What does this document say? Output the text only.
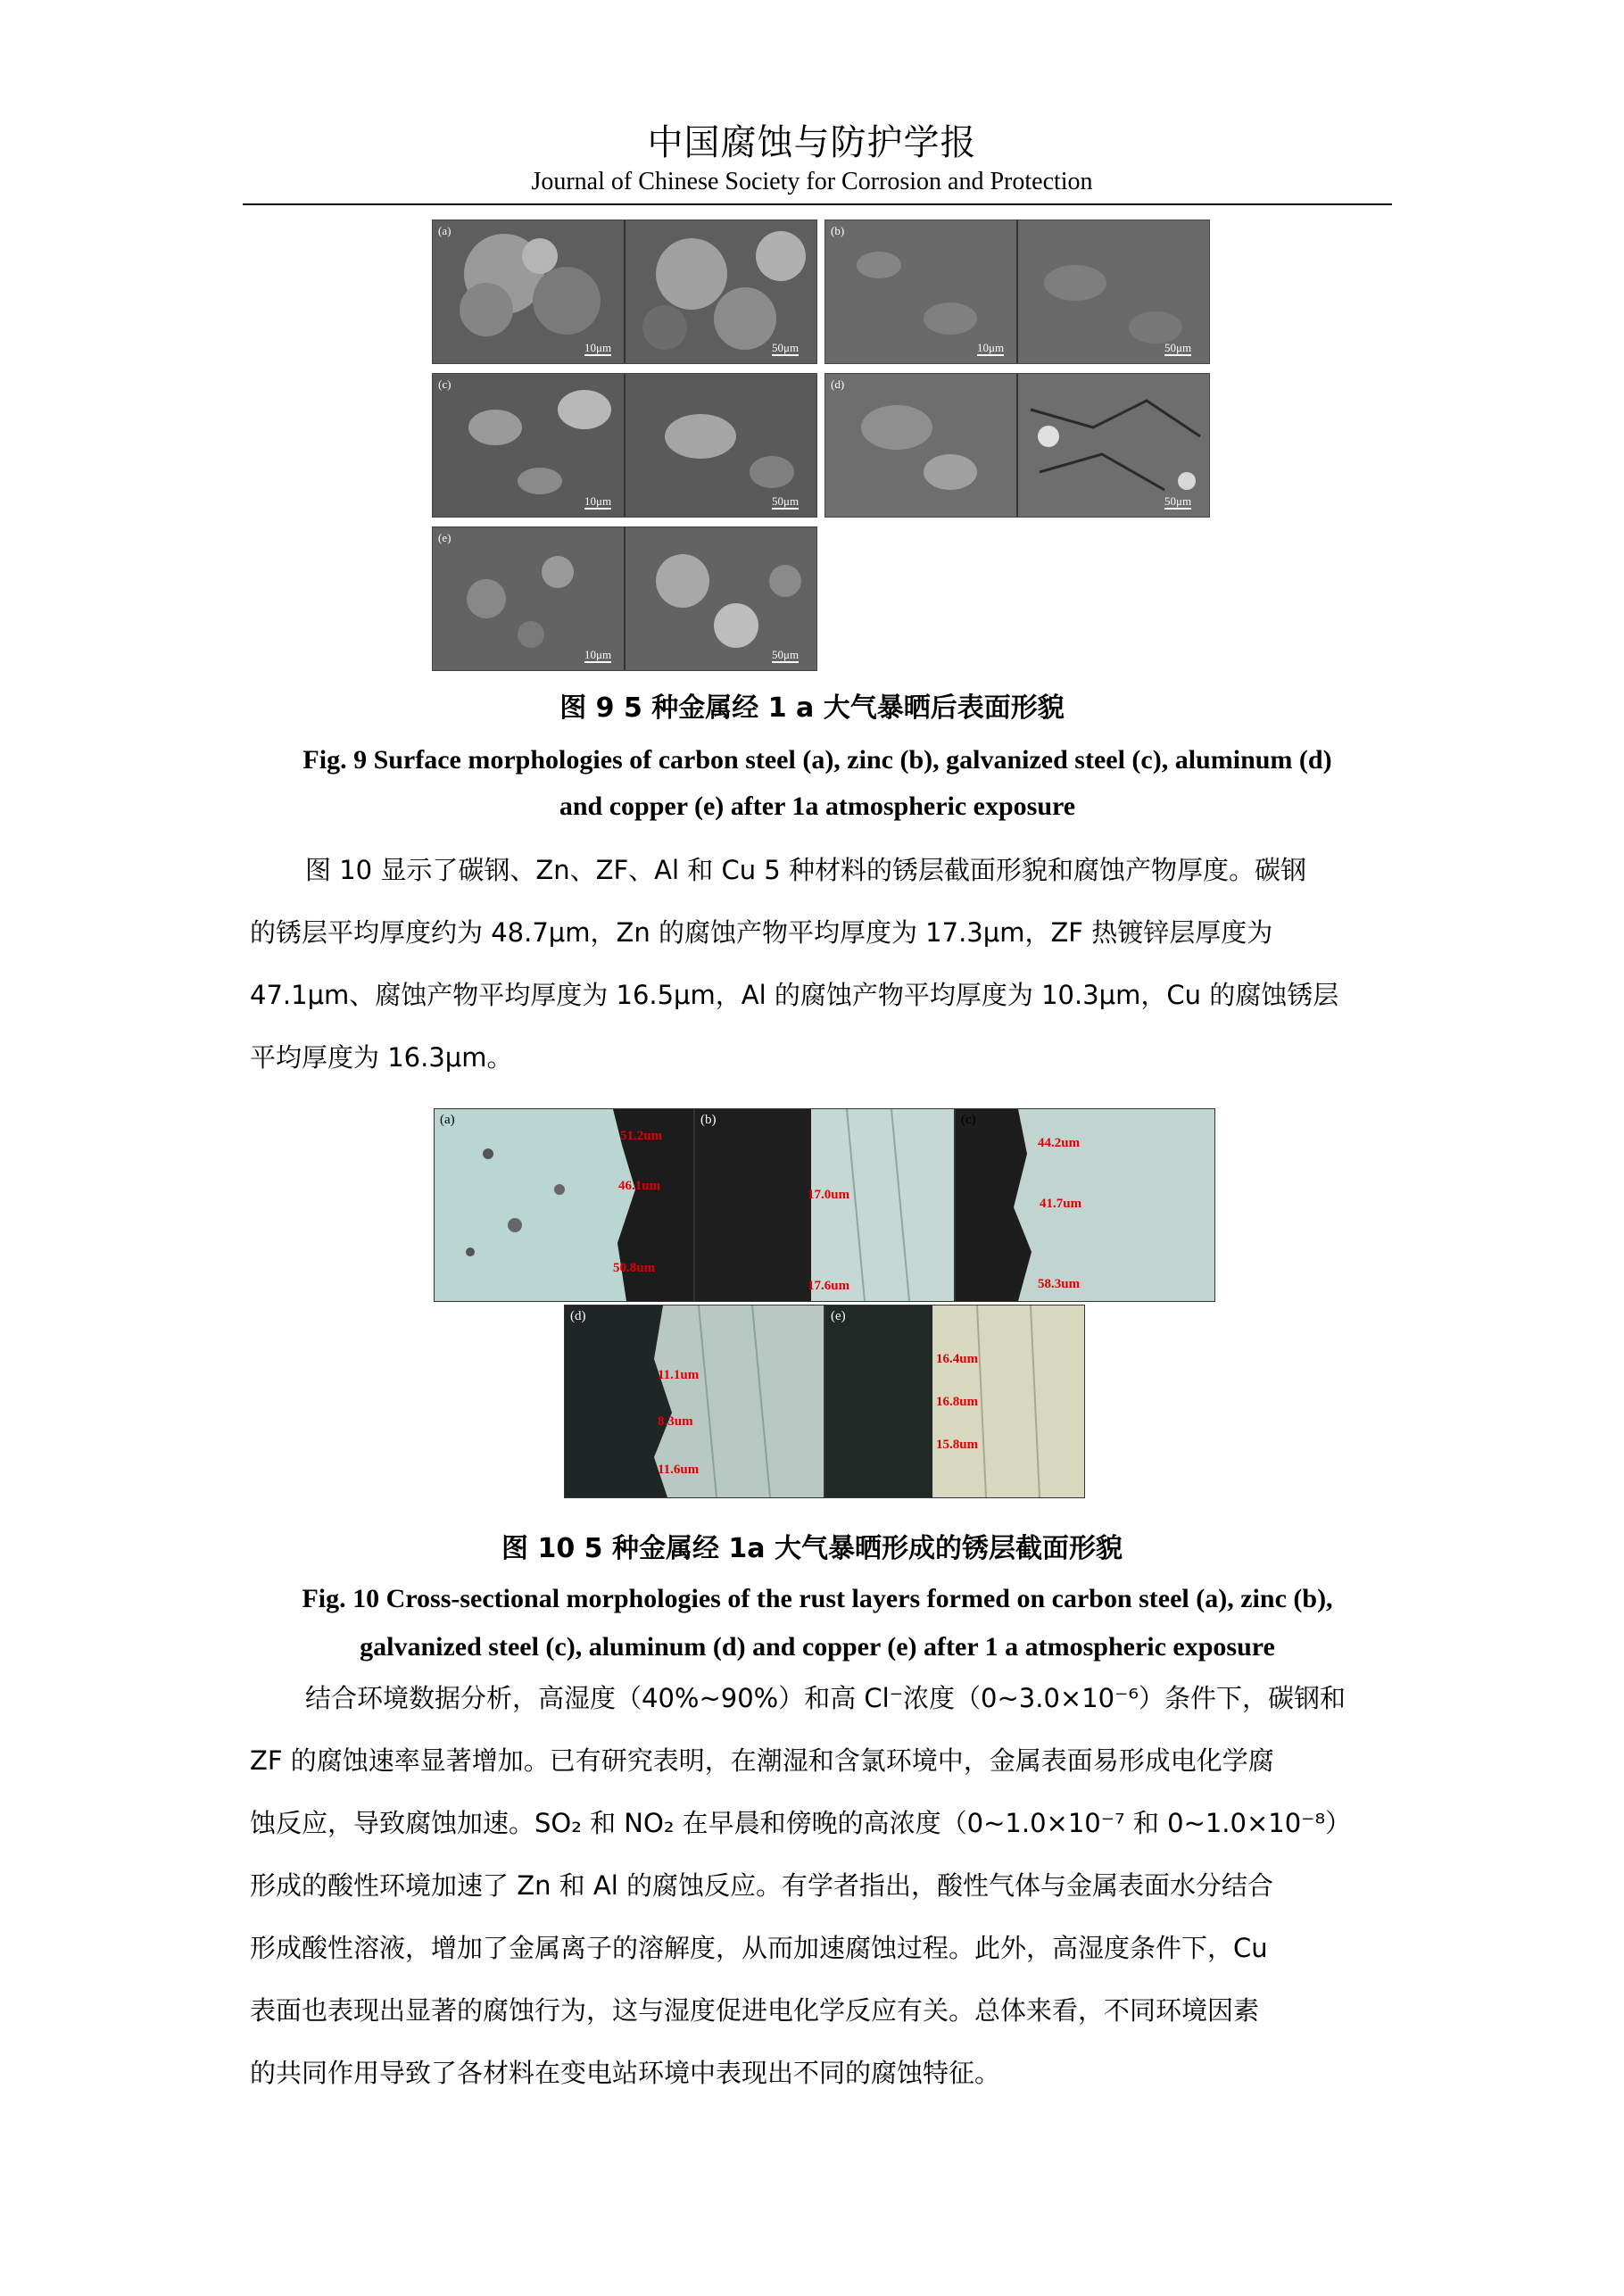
中国腐蚀与防护学报
Journal of Chinese Society for Corrosion and Protection
(a)
10μm	50μm
(b)
10μm	50μm
(c)
10μm	50μm
(d)
50μm
(e)
10μm	50μm
图 9 5 种金属经 1 a 大气暴晒后表面形貌
Fig. 9 Surface morphologies of carbon steel (a), zinc (b), galvanized steel (c), aluminum (d)
and copper (e) after 1a atmospheric exposure
图 10 显示了碳钢、Zn、ZF、Al 和 Cu 5 种材料的锈层截面形貌和腐蚀产物厚度。碳钢
的锈层平均厚度约为 48.7μm，Zn 的腐蚀产物平均厚度为 17.3μm，ZF 热镀锌层厚度为
47.1μm、腐蚀产物平均厚度为 16.5μm，Al 的腐蚀产物平均厚度为 10.3μm，Cu 的腐蚀锈层
平均厚度为 16.3μm。
(a)
51.2um
46.1um
50.8um
(b)
17.0um
17.6um
(c)
44.2um
41.7um
58.3um
(d)
11.1um
8.3um
11.6um
(e)
16.4um
16.8um
15.8um
图 10 5 种金属经 1a 大气暴晒形成的锈层截面形貌
Fig. 10 Cross-sectional morphologies of the rust layers formed on carbon steel (a), zinc (b),
galvanized steel (c), aluminum (d) and copper (e) after 1 a atmospheric exposure
结合环境数据分析，高湿度（40%~90%）和高 Cl⁻浓度（0~3.0×10⁻⁶）条件下，碳钢和
ZF 的腐蚀速率显著增加。已有研究表明，在潮湿和含氯环境中，金属表面易形成电化学腐
蚀反应，导致腐蚀加速。SO₂ 和 NO₂ 在早晨和傍晚的高浓度（0~1.0×10⁻⁷ 和 0~1.0×10⁻⁸）
形成的酸性环境加速了 Zn 和 Al 的腐蚀反应。有学者指出，酸性气体与金属表面水分结合
形成酸性溶液，增加了金属离子的溶解度，从而加速腐蚀过程。此外，高湿度条件下，Cu
表面也表现出显著的腐蚀行为，这与湿度促进电化学反应有关。总体来看，不同环境因素
的共同作用导致了各材料在变电站环境中表现出不同的腐蚀特征。
